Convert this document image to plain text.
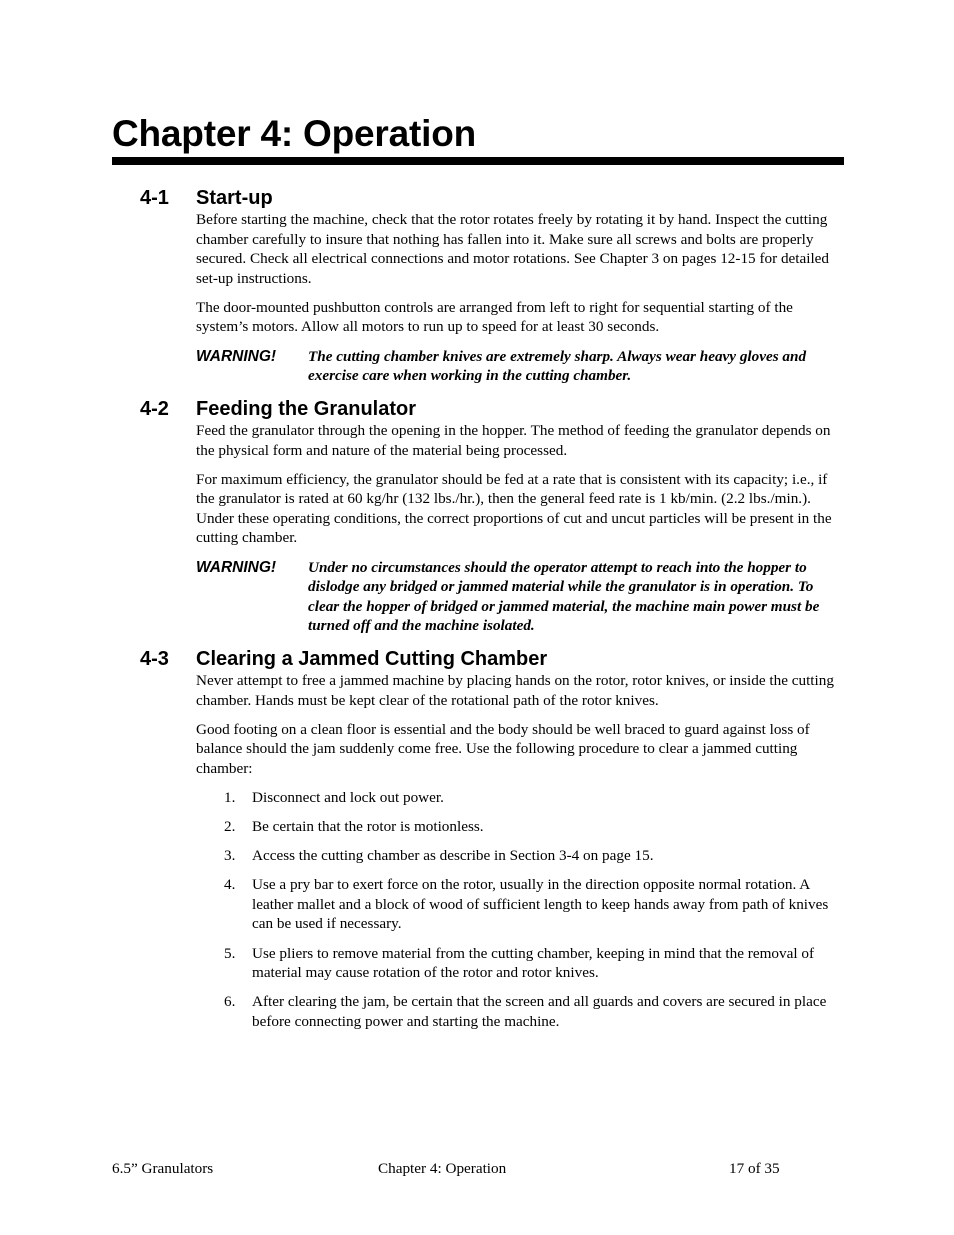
Chapter 4: Operation
4-1 Start-up

Before starting the machine, check that the rotor rotates freely by rotating it by hand. Inspect the cutting chamber carefully to insure that nothing has fallen into it. Make sure all screws and bolts are properly secured. Check all electrical connections and motor rotations. See Chapter 3 on pages 12-15 for detailed set-up instructions.

The door-mounted pushbutton controls are arranged from left to right for sequential starting of the system’s motors. Allow all motors to run up to speed for at least 30 seconds.

WARNING!	The cutting chamber knives are extremely sharp. Always wear heavy gloves and exercise care when working in the cutting chamber.
4-2 Feeding the Granulator

Feed the granulator through the opening in the hopper. The method of feeding the granulator depends on the physical form and nature of the material being processed.

For maximum efficiency, the granulator should be fed at a rate that is consistent with its capacity; i.e., if the granulator is rated at 60 kg/hr (132 lbs./hr.), then the general feed rate is 1 kb/min. (2.2 lbs./min.). Under these operating conditions, the correct proportions of cut and uncut particles will be present in the cutting chamber.

WARNING!	Under no circumstances should the operator attempt to reach into the hopper to dislodge any bridged or jammed material while the granulator is in operation. To clear the hopper of bridged or jammed material, the machine main power must be turned off and the machine isolated.
4-3 Clearing a Jammed Cutting Chamber

Never attempt to free a jammed machine by placing hands on the rotor, rotor knives, or inside the cutting chamber. Hands must be kept clear of the rotational path of the rotor knives.

Good footing on a clean floor is essential and the body should be well braced to guard against loss of balance should the jam suddenly come free. Use the following procedure to clear a jammed cutting chamber:

1.	Disconnect and lock out power.
2.	Be certain that the rotor is motionless.
3.	Access the cutting chamber as describe in Section 3-4 on page 15.
4.	Use a pry bar to exert force on the rotor, usually in the direction opposite normal rotation. A leather mallet and a block of wood of sufficient length to keep hands away from path of knives can be used if necessary.
5.	Use pliers to remove material from the cutting chamber, keeping in mind that the removal of material may cause rotation of the rotor and rotor knives.
6.	After clearing the jam, be certain that the screen and all guards and covers are secured in place before connecting power and starting the machine.
6.5” Granulators	Chapter 4: Operation	17 of 35
